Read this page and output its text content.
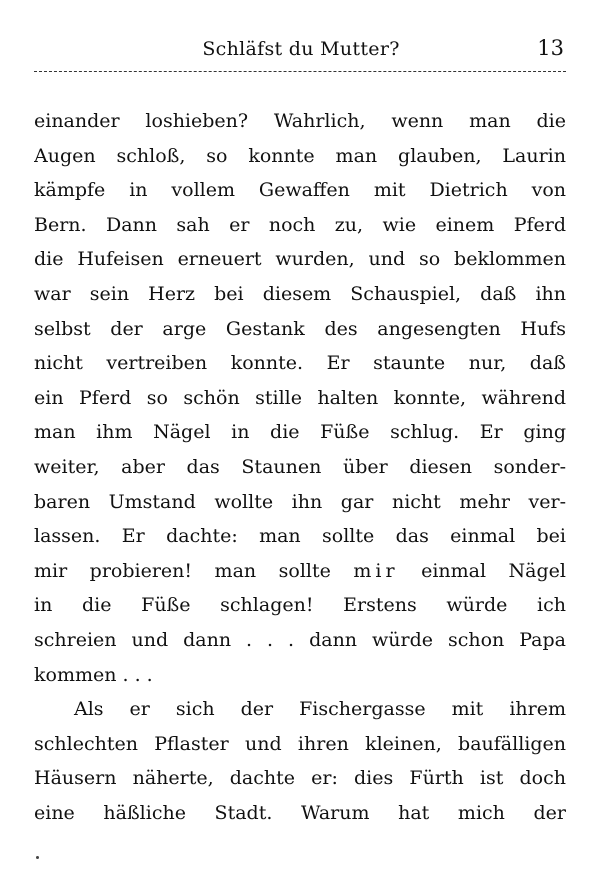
Schläfst du Mutter?	13
einander loshieben? Wahrlich, wenn man die
Augen schloß, so konnte man glauben, Laurin
kämpfe in vollem Gewaffen mit Dietrich von
Bern. Dann sah er noch zu, wie einem Pferd
die Hufeisen erneuert wurden, und so beklommen
war sein Herz bei diesem Schauspiel, daß ihn
selbst der arge Gestank des angesengten Hufs
nicht vertreiben konnte. Er staunte nur, daß
ein Pferd so schön stille halten konnte, während
man ihm Nägel in die Füße schlug. Er ging
weiter, aber das Staunen über diesen sonder-
baren Umstand wollte ihn gar nicht mehr ver-
lassen. Er dachte: man sollte das einmal bei
mir probieren! man sollte mir einmal Nägel
in die Füße schlagen! Erstens würde ich
schreien und dann . . . dann würde schon Papa
kommen . . .
Als er sich der Fischergasse mit ihrem
schlechten Pflaster und ihren kleinen, baufälligen
Häusern näherte, dachte er: dies Fürth ist doch
eine häßliche Stadt. Warum hat mich der
